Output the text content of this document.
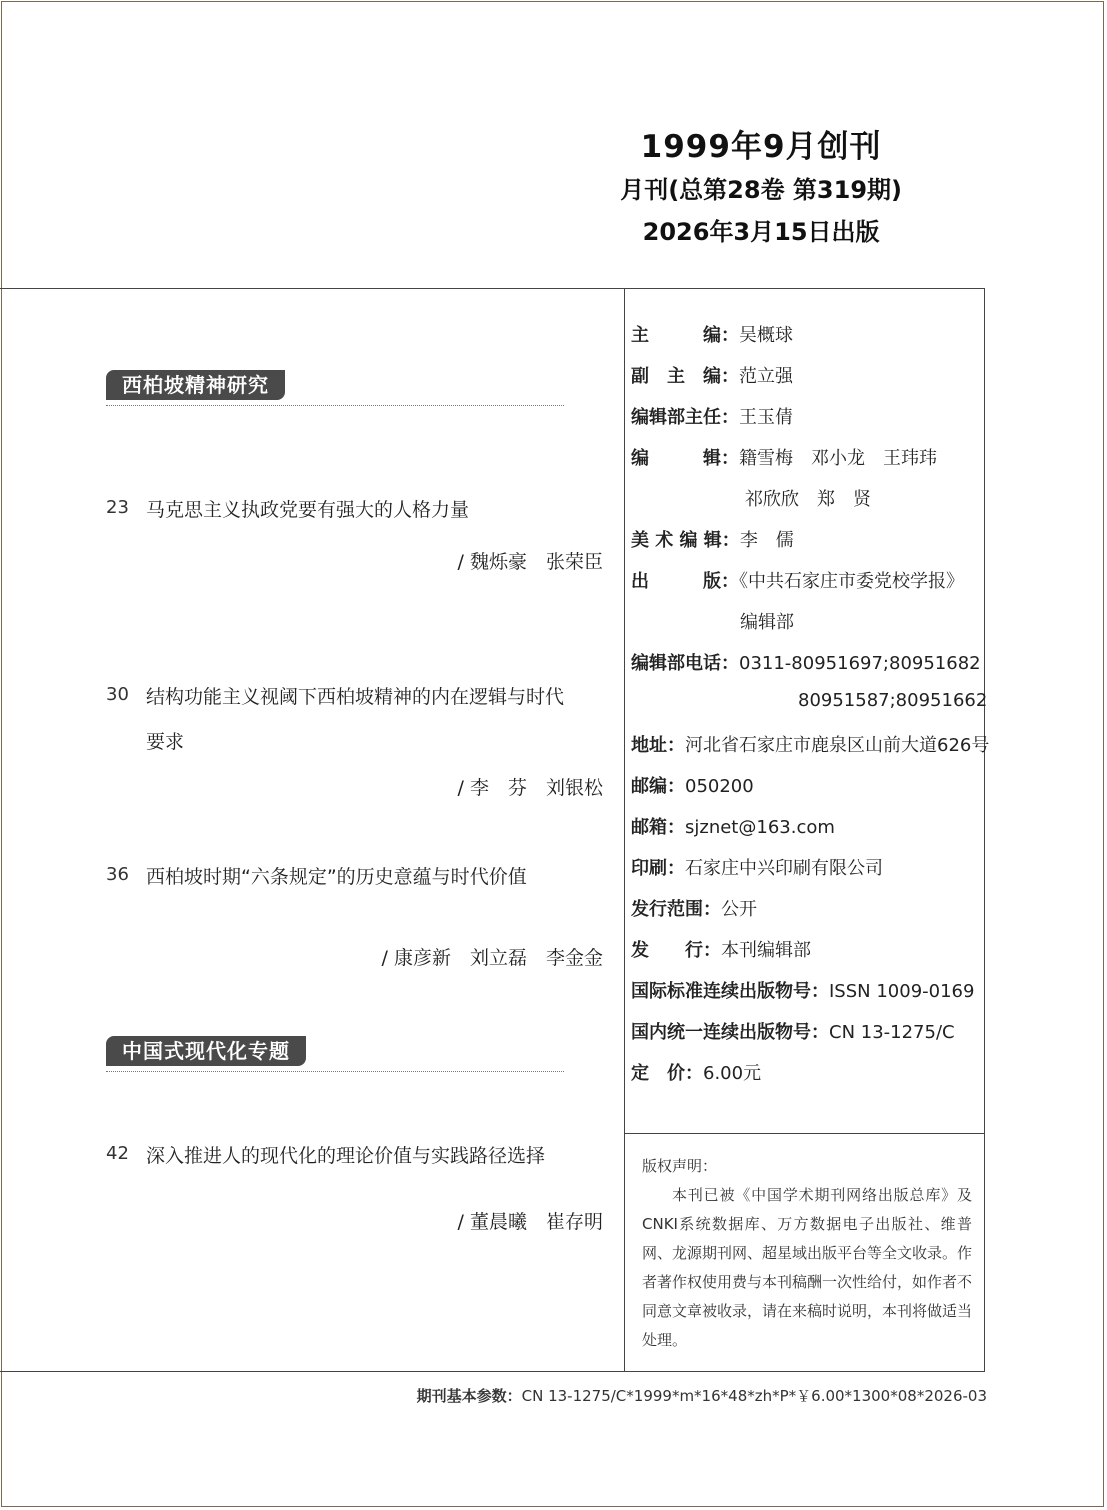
1999年9月创刊
月刊(总第28卷 第319期)
2026年3月15日出版
西柏坡精神研究
23 马克思主义执政党要有强大的人格力量
/ 魏烁豪　张荣臣
30 结构功能主义视阈下西柏坡精神的内在逻辑与时代
要求
/ 李　芬　刘银松
36 西柏坡时期“六条规定”的历史意蕴与时代价值
/ 康彦新　刘立磊　李金金
中国式现代化专题
42 深入推进人的现代化的理论价值与实践路径选择
/ 董晨曦　崔存明
主　　　编：吴概球
副　主　编：范立强
编辑部主任：王玉倩
编　　　辑：籍雪梅　邓小龙　王玮玮
祁欣欣　郑　贤
美 术 编 辑：李　儒
出　　　版：《中共石家庄市委党校学报》
编辑部
编辑部电话：0311-80951697;80951682
80951587;80951662
地址：河北省石家庄市鹿泉区山前大道626号
邮编：050200
邮箱：sjznet@163.com
印刷：石家庄中兴印刷有限公司
发行范围：公开
发　　行：本刊编辑部
国际标准连续出版物号：ISSN 1009-0169
国内统一连续出版物号：CN 13-1275/C
定　价：6.00元
版权声明：
本刊已被《中国学术期刊网络出版总库》及CNKI系统数据库、万方数据电子出版社、维普网、龙源期刊网、超星域出版平台等全文收录。作者著作权使用费与本刊稿酬一次性给付，如作者不同意文章被收录，请在来稿时说明，本刊将做适当处理。
期刊基本参数：CN 13-1275/C*1999*m*16*48*zh*P*￥6.00*1300*08*2026-03
